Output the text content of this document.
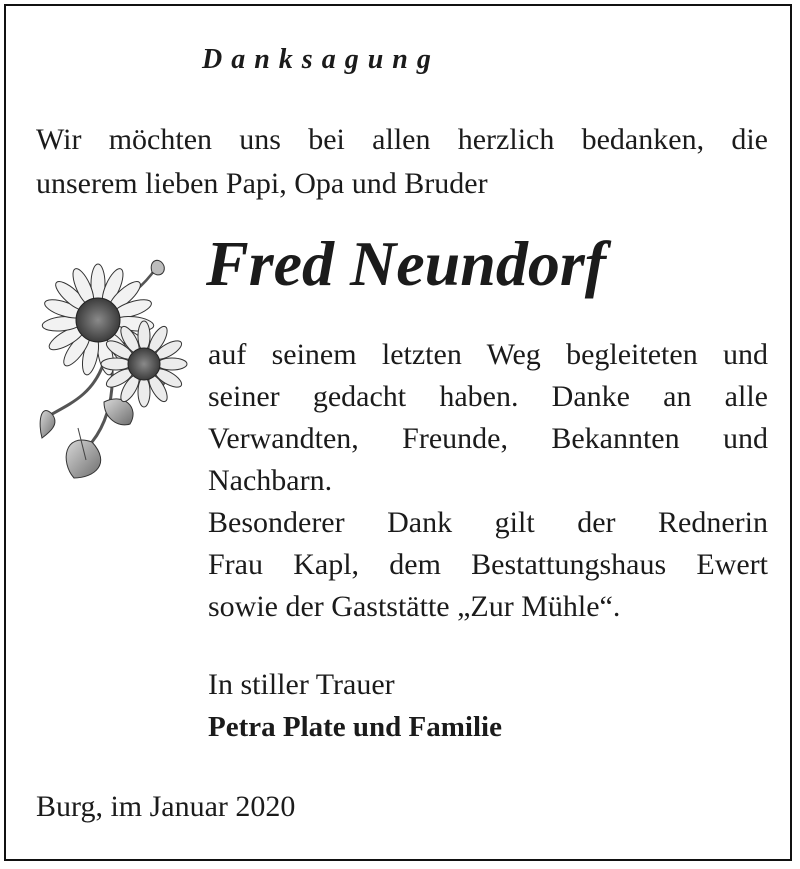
Danksagung
Wir möchten uns bei allen herzlich bedanken, die
unserem lieben Papi, Opa und Bruder
Fred Neundorf
auf seinem letzten Weg begleiteten und
seiner gedacht haben. Danke an alle
Verwandten, Freunde, Bekannten und
Nachbarn.
Besonderer Dank gilt der Rednerin
Frau Kapl, dem Bestattungshaus Ewert
sowie der Gaststätte „Zur Mühle“.
In stiller Trauer
Petra Plate und Familie
Burg, im Januar 2020
